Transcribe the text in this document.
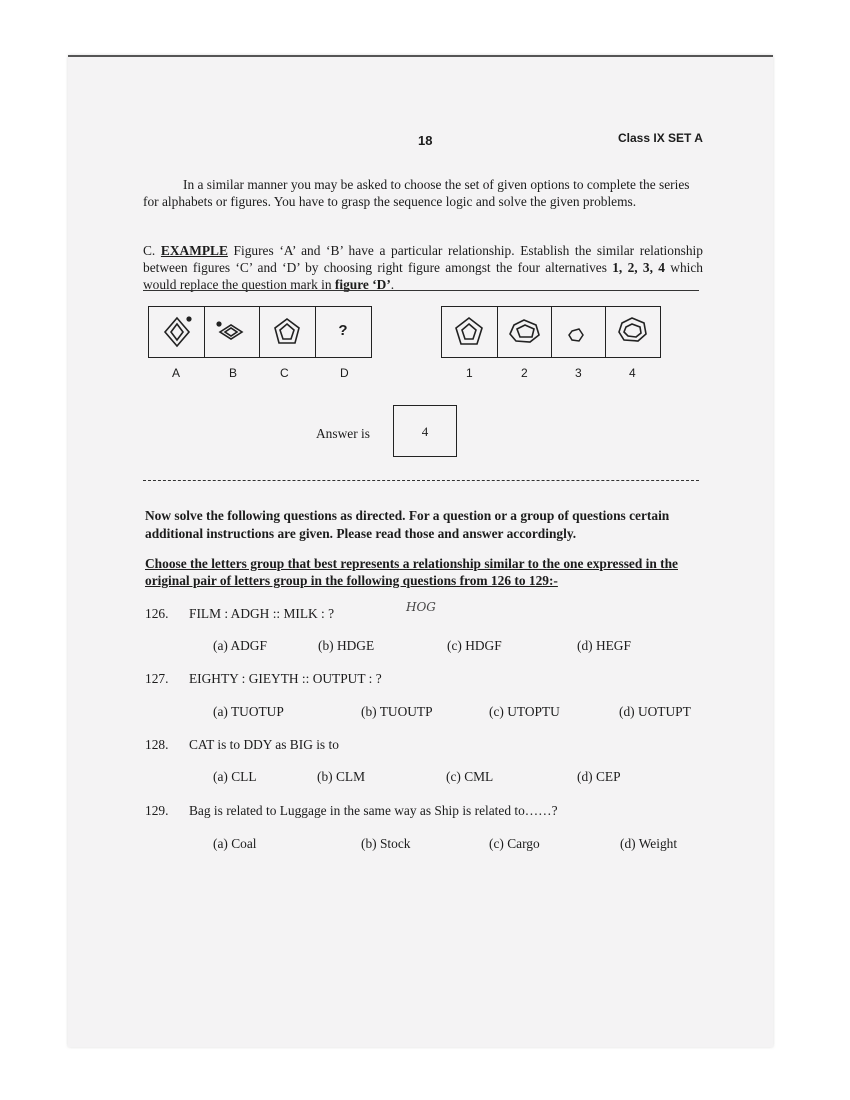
18	Class IX SET A
In a similar manner you may be asked to choose the set of given options to complete the series for alphabets or figures. You have to grasp the sequence logic and solve the given problems.
C. EXAMPLE Figures ‘A’ and ‘B’ have a particular relationship. Establish the similar relationship between figures ‘C’ and ‘D’ by choosing right figure amongst the four alternatives 1, 2, 3, 4 which would replace the question mark in figure ‘D’.
?
A	B	C	D	1	2	3	4
Answer is	4
Now solve the following questions as directed. For a question or a group of questions certain additional instructions are given. Please read those and answer accordingly.
Choose the letters group that best represents a relationship similar to the one expressed in the original pair of letters group in the following questions from 126 to 129:-
HOG
126. FILM : ADGH :: MILK : ?
(a) ADGF	(b) HDGE	(c) HDGF	(d) HEGF
127. EIGHTY : GIEYTH :: OUTPUT : ?
(a) TUOTUP	(b) TUOUTP	(c) UTOPTU	(d) UOTUPT
128. CAT is to DDY as BIG is to
(a) CLL	(b) CLM	(c) CML	(d) CEP
129. Bag is related to Luggage in the same way as Ship is related to……?
(a) Coal	(b) Stock	(c) Cargo	(d) Weight
